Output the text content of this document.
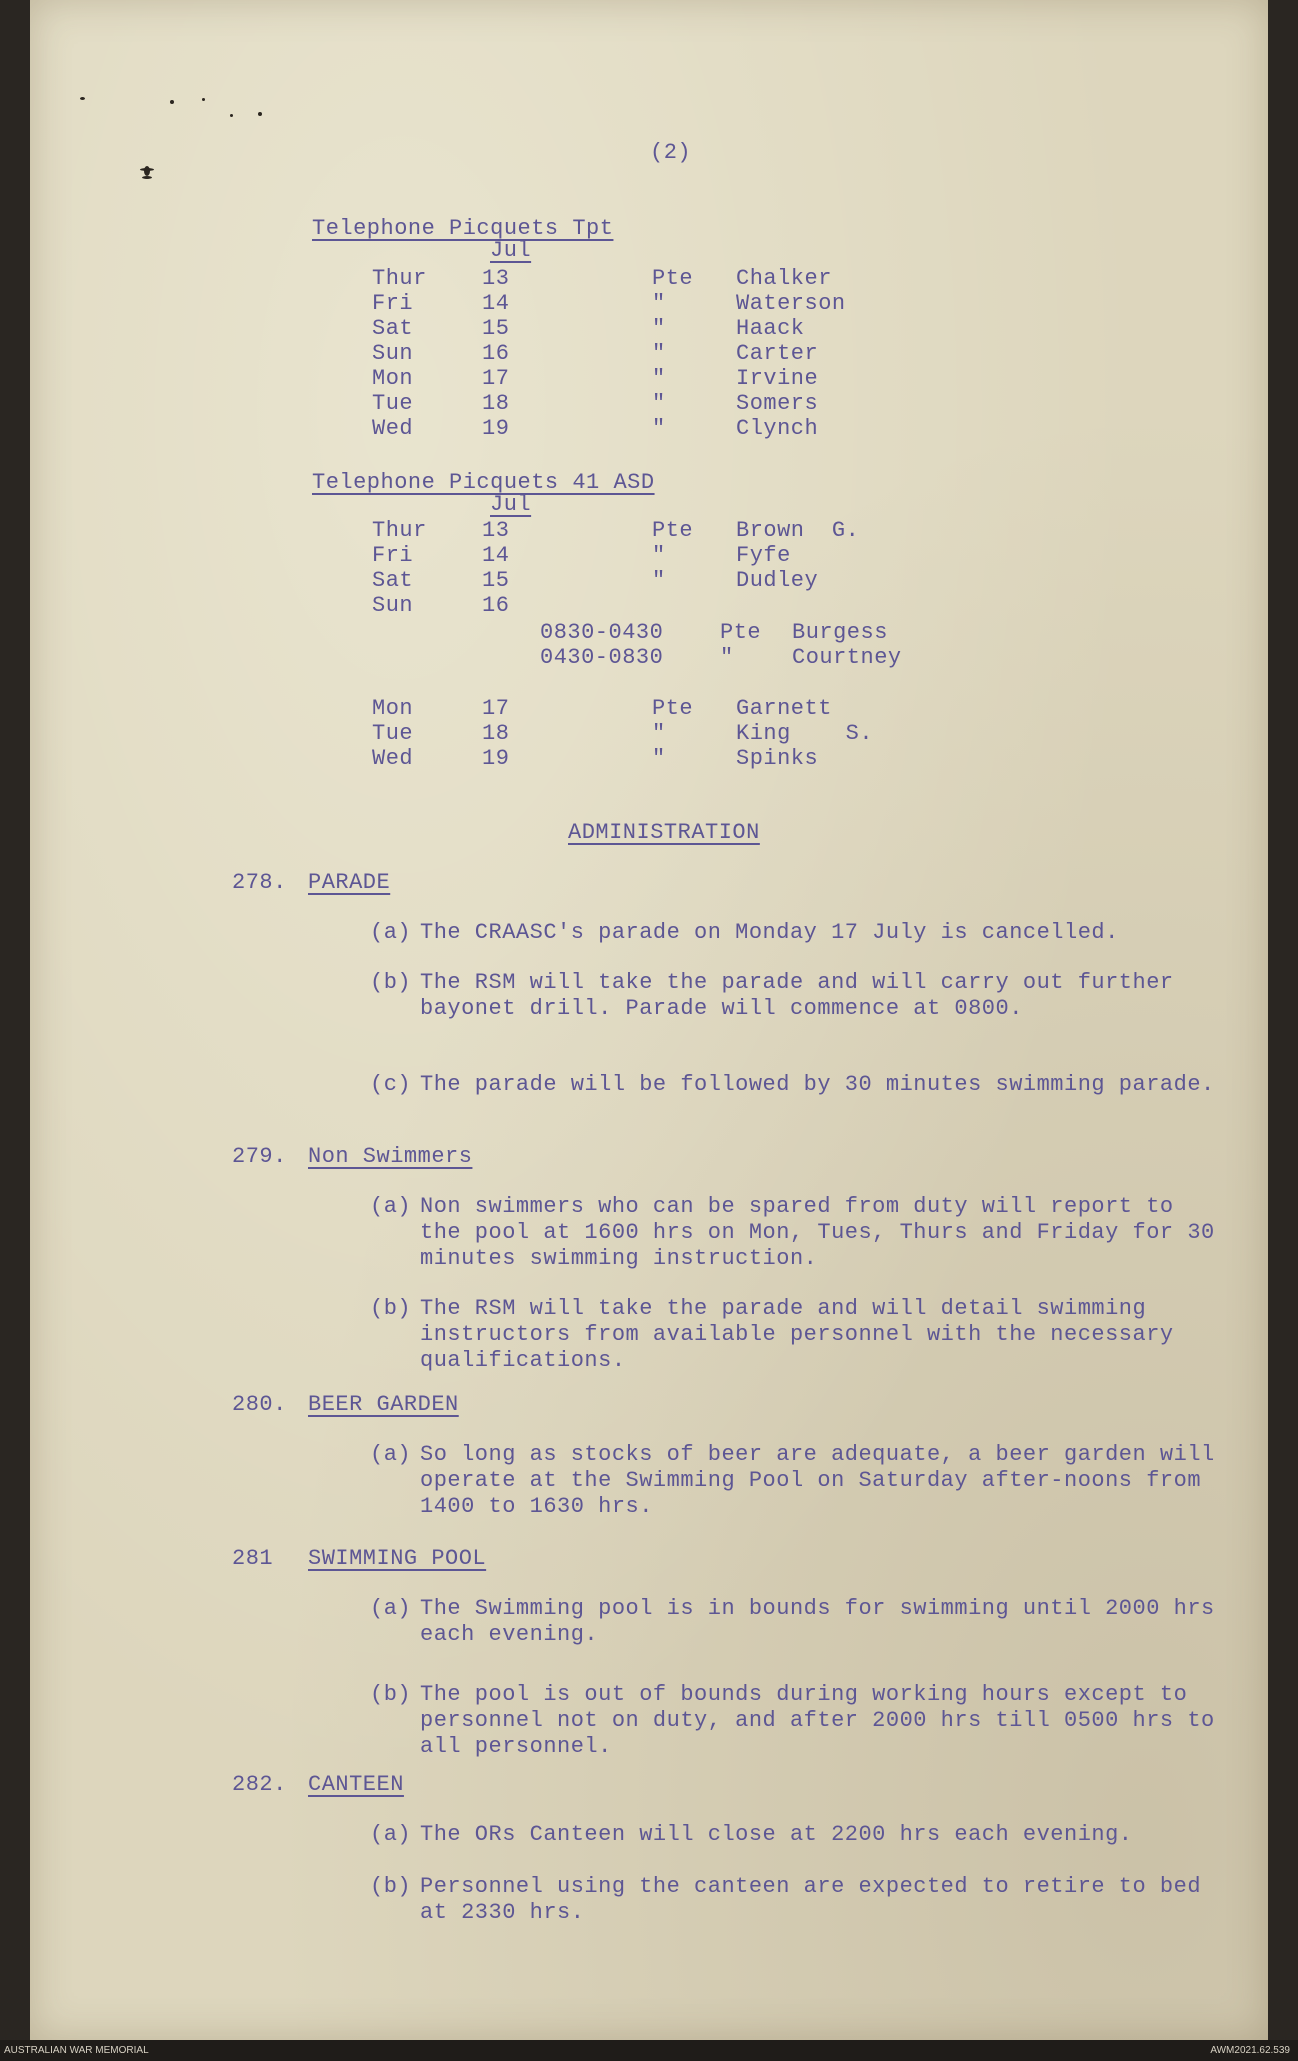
(2)
Telephone Picquets Tpt
Jul
Thur	13	Pte Chalker
Fri	14	"	Waterson
Sat	15	"	Haack
Sun	16	"	Carter
Mon	17	"	Irvine
Tue	18	"	Somers
Wed	19	"	Clynch
Telephone Picquets 41 ASD
Jul
Thur	13	Pte Brown  G.
Fri	14	"	Fyfe
Sat	15	"	Dudley
Sun	16
0830-0430	Pte Burgess
0430-0830	"	Courtney
Mon	17	Pte Garnett
Tue	18	"	King    S.
Wed	19	"	Spinks
ADMINISTRATION
278. PARADE
(a) The CRAASC's parade on Monday 17 July is cancelled.
(b) The RSM will take the parade and will carry out further bayonet drill. Parade will commence at 0800.
(c) The parade will be followed by 30 minutes swimming parade.
279. Non Swimmers
(a) Non swimmers who can be spared from duty will report to the pool at 1600 hrs on Mon, Tues, Thurs and Friday for 30 minutes swimming instruction.
(b) The RSM will take the parade and will detail swimming instructors from available personnel with the necessary qualifications.
280. BEER GARDEN
(a) So long as stocks of beer are adequate, a beer garden will operate at the Swimming Pool on Saturday after-noons from 1400 to 1630 hrs.
281 SWIMMING POOL
(a) The Swimming pool is in bounds for swimming until 2000 hrs each evening.
(b) The pool is out of bounds during working hours except to personnel not on duty, and after 2000 hrs till 0500 hrs to all personnel.
282. CANTEEN
(a) The ORs Canteen will close at 2200 hrs each evening.
(b) Personnel using the canteen are expected to retire to bed at 2330 hrs.
AUSTRALIAN WAR MEMORIAL	AWM2021.62.539
